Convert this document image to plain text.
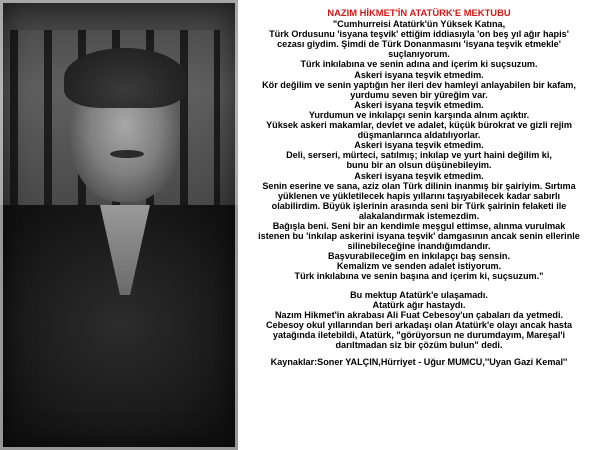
NAZIM HİKMET'İN ATATÜRK'E MEKTUBU
"Cumhurreisi Atatürk'ün Yüksek Katına,
Türk Ordusunu 'isyana teşvik' ettiğim iddiasıyla 'on beş yıl ağır hapis'
cezası giydim. Şimdi de Türk Donanmasını 'isyana teşvik etmekle'
suçlanıyorum.
Türk inkılabına ve senin adına and içerim ki suçsuzum.
Askeri isyana teşvik etmedim.
Kör değilim ve senin yaptığın her ileri dev hamleyi anlayabilen bir kafam,
yurdumu seven bir yüreğim var.
Askeri isyana teşvik etmedim.
Yurdumun ve inkılapçı senin karşında alnım açıktır.
Yüksek askeri makamlar, devlet ve adalet, küçük bürokrat ve gizli rejim
düşmanlarınca aldatılıyorlar.
Askeri isyana teşvik etmedim.
Deli, serseri, mürteci, satılmış; inkılap ve yurt haini değilim ki,
bunu bir an olsun düşünebileyim.
Askeri isyana teşvik etmedim.
Senin eserine ve sana, aziz olan Türk dilinin inanmış bir şairiyim. Sırtıma
yüklenen ve yükletilecek hapis yıllarını taşıyabilecek kadar sabırlı
olabilirdim. Büyük işlerinin arasında seni bir Türk şairinin felaketi ile
alakalandırmak istemezdim.
Bağışla beni. Seni bir an kendimle meşgul ettimse, alınma vurulmak
istenen bu 'inkılap askerini isyana teşvik' damgasının ancak senin ellerinle
silinebileceğine inandığımdandır.
Başvurabileceğim en inkılapçı baş sensin.
Kemalizm ve senden adalet istiyorum.
Türk inkılabına ve senin başına and içerim ki, suçsuzum."
Bu mektup Atatürk'e ulaşamadı.
Atatürk ağır hastaydı.
Nazım Hikmet'in akrabası Ali Fuat Cebesoy'un çabaları da yetmedi.
Cebesoy okul yıllarından beri arkadaşı olan Atatürk'e olayı ancak hasta
yatağında iletebildi, Atatürk, "görüyorsun ne durumdayım, Mareşal'i
darıltmadan siz bir çözüm bulun" dedi.
Kaynaklar:Soner YALÇIN,Hürriyet - Uğur MUMCU,''Uyan Gazi Kemal''
